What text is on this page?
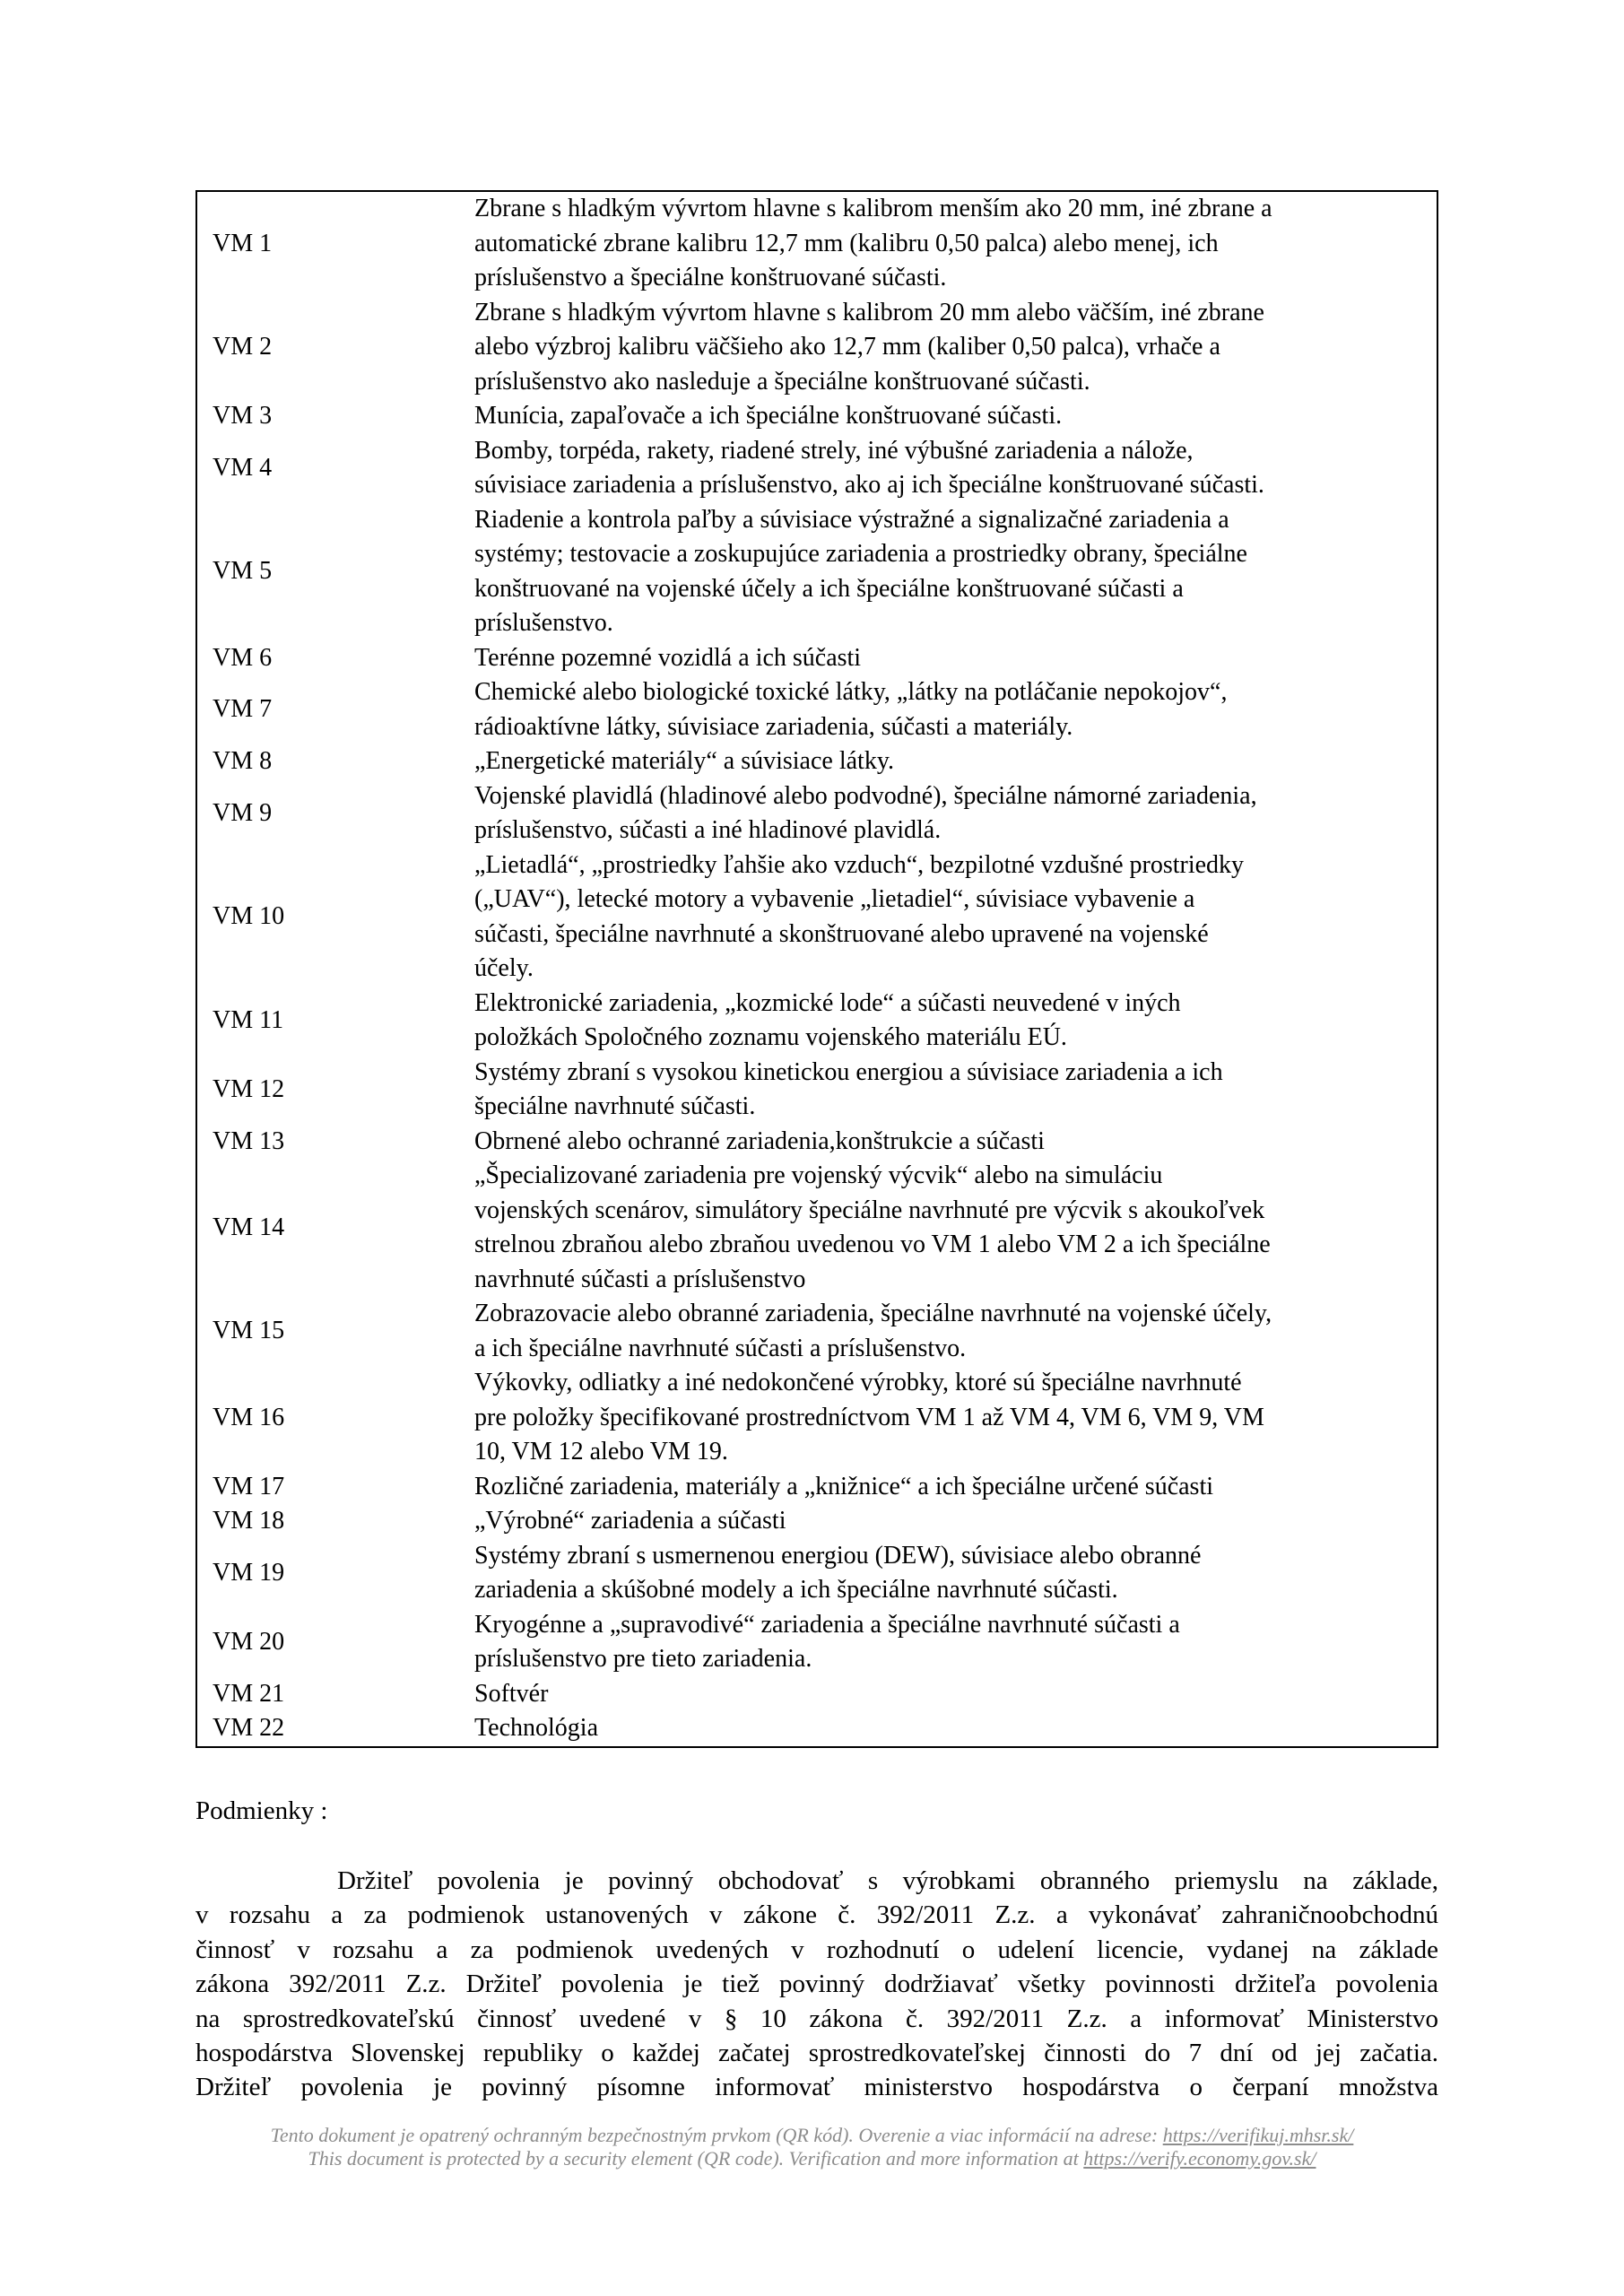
VM 1	Zbrane s hladkým vývrtom hlavne s kalibrom menším ako 20 mm, iné zbrane a
automatické zbrane kalibru 12,7 mm (kalibru 0,50 palca) alebo menej, ich
príslušenstvo a špeciálne konštruované súčasti.

VM 2	Zbrane s hladkým vývrtom hlavne s kalibrom 20 mm alebo väčším, iné zbrane
alebo výzbroj kalibru väčšieho ako 12,7 mm (kaliber 0,50 palca), vrhače a
príslušenstvo ako nasleduje a špeciálne konštruované súčasti.

VM 3	Munícia, zapaľovače a ich špeciálne konštruované súčasti.

VM 4	Bomby, torpéda, rakety, riadené strely, iné výbušné zariadenia a nálože,
súvisiace zariadenia a príslušenstvo, ako aj ich špeciálne konštruované súčasti.

VM 5	Riadenie a kontrola paľby a súvisiace výstražné a signalizačné zariadenia a
systémy; testovacie a zoskupujúce zariadenia a prostriedky obrany, špeciálne
konštruované na vojenské účely a ich špeciálne konštruované súčasti a
príslušenstvo.

VM 6	Terénne pozemné vozidlá a ich súčasti

VM 7	Chemické alebo biologické toxické látky, „látky na potláčanie nepokojov“,
rádioaktívne látky, súvisiace zariadenia, súčasti a materiály.

VM 8	„Energetické materiály“ a súvisiace látky.

VM 9	Vojenské plavidlá (hladinové alebo podvodné), špeciálne námorné zariadenia,
príslušenstvo, súčasti a iné hladinové plavidlá.

VM 10	„Lietadlá“, „prostriedky ľahšie ako vzduch“, bezpilotné vzdušné prostriedky
(„UAV“), letecké motory a vybavenie „lietadiel“, súvisiace vybavenie a
súčasti, špeciálne navrhnuté a skonštruované alebo upravené na vojenské
účely.

VM 11	Elektronické zariadenia, „kozmické lode“ a súčasti neuvedené v iných
položkách Spoločného zoznamu vojenského materiálu EÚ.

VM 12	Systémy zbraní s vysokou kinetickou energiou a súvisiace zariadenia a ich
špeciálne navrhnuté súčasti.

VM 13	Obrnené alebo ochranné zariadenia,konštrukcie a súčasti

VM 14	„Špecializované zariadenia pre vojenský výcvik“ alebo na simuláciu
vojenských scenárov, simulátory špeciálne navrhnuté pre výcvik s akoukoľvek
strelnou zbraňou alebo zbraňou uvedenou vo VM 1 alebo VM 2 a ich špeciálne
navrhnuté súčasti a príslušenstvo

VM 15	Zobrazovacie alebo obranné zariadenia, špeciálne navrhnuté na vojenské účely,
a ich špeciálne navrhnuté súčasti a príslušenstvo.

VM 16	Výkovky, odliatky a iné nedokončené výrobky, ktoré sú špeciálne navrhnuté
pre položky špecifikované prostredníctvom VM 1 až VM 4, VM 6, VM 9, VM
10, VM 12 alebo VM 19.

VM 17	Rozličné zariadenia, materiály a „knižnice“ a ich špeciálne určené súčasti

VM 18	„Výrobné“ zariadenia a súčasti

VM 19	Systémy zbraní s usmernenou energiou (DEW), súvisiace alebo obranné
zariadenia a skúšobné modely a ich špeciálne navrhnuté súčasti.

VM 20	Kryogénne a „supravodivé“ zariadenia a špeciálne navrhnuté súčasti a
príslušenstvo pre tieto zariadenia.

VM 21	Softvér

VM 22	Technológia
Podmienky :
Držiteľ povolenia je povinný obchodovať s výrobkami obranného priemyslu na základe,
v rozsahu a za podmienok ustanovených v zákone č. 392/2011 Z.z. a vykonávať zahraničnoobchodnú
činnosť v rozsahu a za podmienok uvedených v rozhodnutí o udelení licencie, vydanej na základe
zákona 392/2011 Z.z. Držiteľ povolenia je tiež povinný dodržiavať všetky povinnosti držiteľa povolenia
na sprostredkovateľskú činnosť uvedené v § 10 zákona č. 392/2011 Z.z. a informovať Ministerstvo
hospodárstva Slovenskej republiky o každej začatej sprostredkovateľskej činnosti do 7 dní od jej začatia.
Držiteľ povolenia je povinný písomne informovať ministerstvo hospodárstva o čerpaní množstva
Tento dokument je opatrený ochranným bezpečnostným prvkom (QR kód). Overenie a viac informácií na adrese: https://verifikuj.mhsr.sk/
This document is protected by a security element (QR code). Verification and more information at https://verify.economy.gov.sk/
